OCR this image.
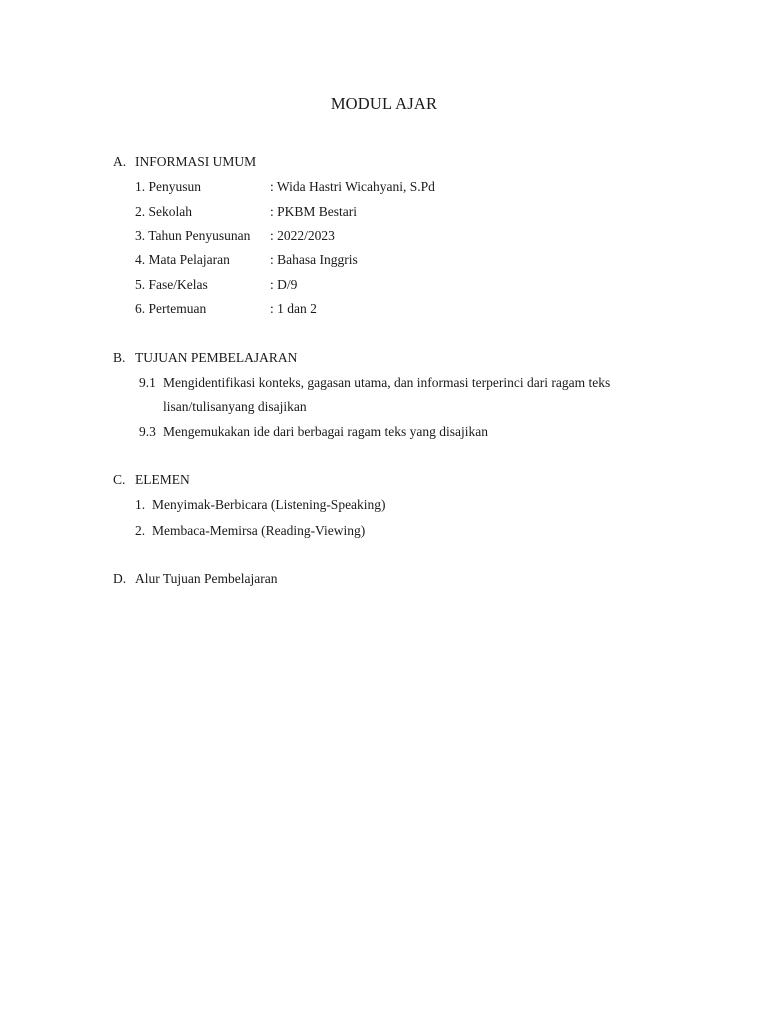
MODUL AJAR
A. INFORMASI UMUM
1. Penyusun	: Wida Hastri Wicahyani, S.Pd
2. Sekolah	: PKBM Bestari
3. Tahun Penyusunan : 2022/2023
4. Mata Pelajaran	: Bahasa Inggris
5. Fase/Kelas	: D/9
6. Pertemuan	: 1 dan 2
B. TUJUAN PEMBELAJARAN
9.1 Mengidentifikasi konteks, gagasan utama, dan informasi terperinci dari ragam teks
lisan/tulisanyang disajikan
9.3 Mengemukakan ide dari berbagai ragam teks yang disajikan
C. ELEMEN
1. Menyimak-Berbicara (Listening-Speaking)
2. Membaca-Memirsa (Reading-Viewing)
D. Alur Tujuan Pembelajaran
